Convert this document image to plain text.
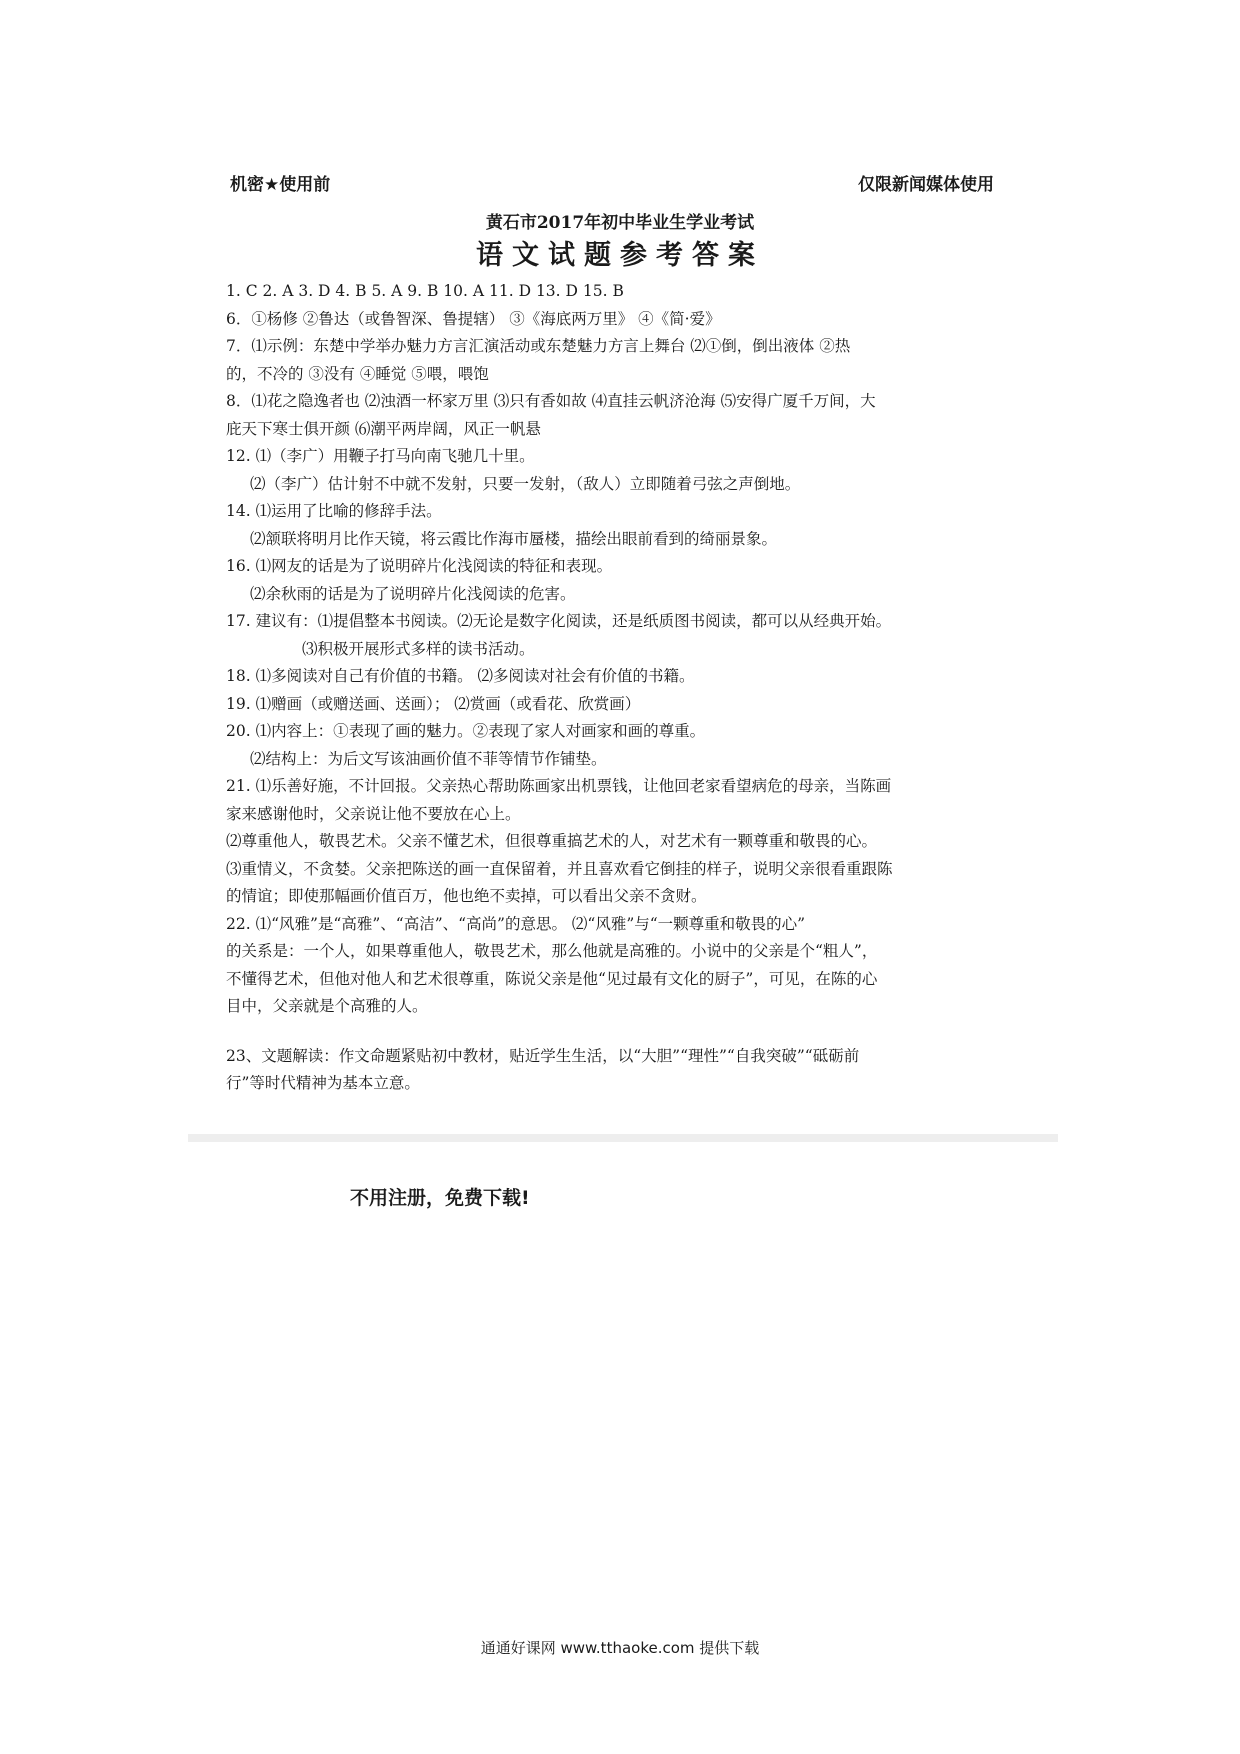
机密★使用前	仅限新闻媒体使用
黄石市2017年初中毕业生学业考试
语文试题参考答案
1. C 2. A 3. D 4. B 5. A 9. B 10. A 11. D 13. D 15. B
6．①杨修 ②鲁达（或鲁智深、鲁提辖） ③《海底两万里》 ④《简·爱》
7．⑴示例：东楚中学举办魅力方言汇演活动或东楚魅力方言上舞台 ⑵①倒，倒出液体 ②热
的，不冷的 ③没有 ④睡觉 ⑤喂，喂饱
8．⑴花之隐逸者也 ⑵浊酒一杯家万里 ⑶只有香如故 ⑷直挂云帆济沧海 ⑸安得广厦千万间，大
庇天下寒士俱开颜 ⑹潮平两岸阔，风正一帆悬
12. ⑴（李广）用鞭子打马向南飞驰几十里。
⑵（李广）估计射不中就不发射，只要一发射，（敌人）立即随着弓弦之声倒地。
14. ⑴运用了比喻的修辞手法。
⑵颔联将明月比作天镜，将云霞比作海市蜃楼，描绘出眼前看到的绮丽景象。
16. ⑴网友的话是为了说明碎片化浅阅读的特征和表现。
⑵余秋雨的话是为了说明碎片化浅阅读的危害。
17. 建议有：⑴提倡整本书阅读。⑵无论是数字化阅读，还是纸质图书阅读，都可以从经典开始。
⑶积极开展形式多样的读书活动。
18. ⑴多阅读对自己有价值的书籍。 ⑵多阅读对社会有价值的书籍。
19. ⑴赠画（或赠送画、送画）； ⑵赏画（或看花、欣赏画）
20. ⑴内容上：①表现了画的魅力。②表现了家人对画家和画的尊重。
⑵结构上：为后文写该油画价值不菲等情节作铺垫。
21. ⑴乐善好施，不计回报。父亲热心帮助陈画家出机票钱，让他回老家看望病危的母亲，当陈画
家来感谢他时，父亲说让他不要放在心上。
⑵尊重他人，敬畏艺术。父亲不懂艺术，但很尊重搞艺术的人，对艺术有一颗尊重和敬畏的心。
⑶重情义，不贪婪。父亲把陈送的画一直保留着，并且喜欢看它倒挂的样子，说明父亲很看重跟陈
的情谊；即使那幅画价值百万，他也绝不卖掉，可以看出父亲不贪财。
22. ⑴“风雅”是“高雅”、“高洁”、“高尚”的意思。 ⑵“风雅”与“一颗尊重和敬畏的心”
的关系是：一个人，如果尊重他人，敬畏艺术，那么他就是高雅的。小说中的父亲是个“粗人”，
不懂得艺术，但他对他人和艺术很尊重，陈说父亲是他“见过最有文化的厨子”，可见，在陈的心
目中，父亲就是个高雅的人。
23、文题解读：作文命题紧贴初中教材，贴近学生生活，以“大胆”“理性”“自我突破”“砥砺前
行”等时代精神为基本立意。
不用注册，免费下载!
通通好课网 www.tthaoke.com 提供下载
